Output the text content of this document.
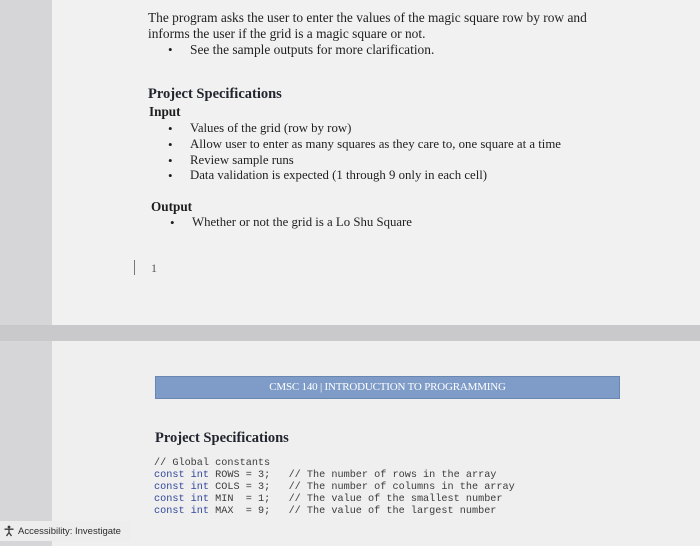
The program asks the user to enter the values of the magic square row by row and
informs the user if the grid is a magic square or not.
•	See the sample outputs for more clarification.
Project Specifications
Input
•	Values of the grid (row by row)
•	Allow user to enter as many squares as they care to, one square at a time
•	Review sample runs
•	Data validation is expected (1 through 9 only in each cell)
Output
•	Whether or not the grid is a Lo Shu Square
1
CMSC 140 | INTRODUCTION TO PROGRAMMING
Project Specifications
// Global constants
const int ROWS = 3;   // The number of rows in the array
const int COLS = 3;   // The number of columns in the array
const int MIN  = 1;   // The value of the smallest number
const int MAX  = 9;   // The value of the largest number
Accessibility: Investigate
